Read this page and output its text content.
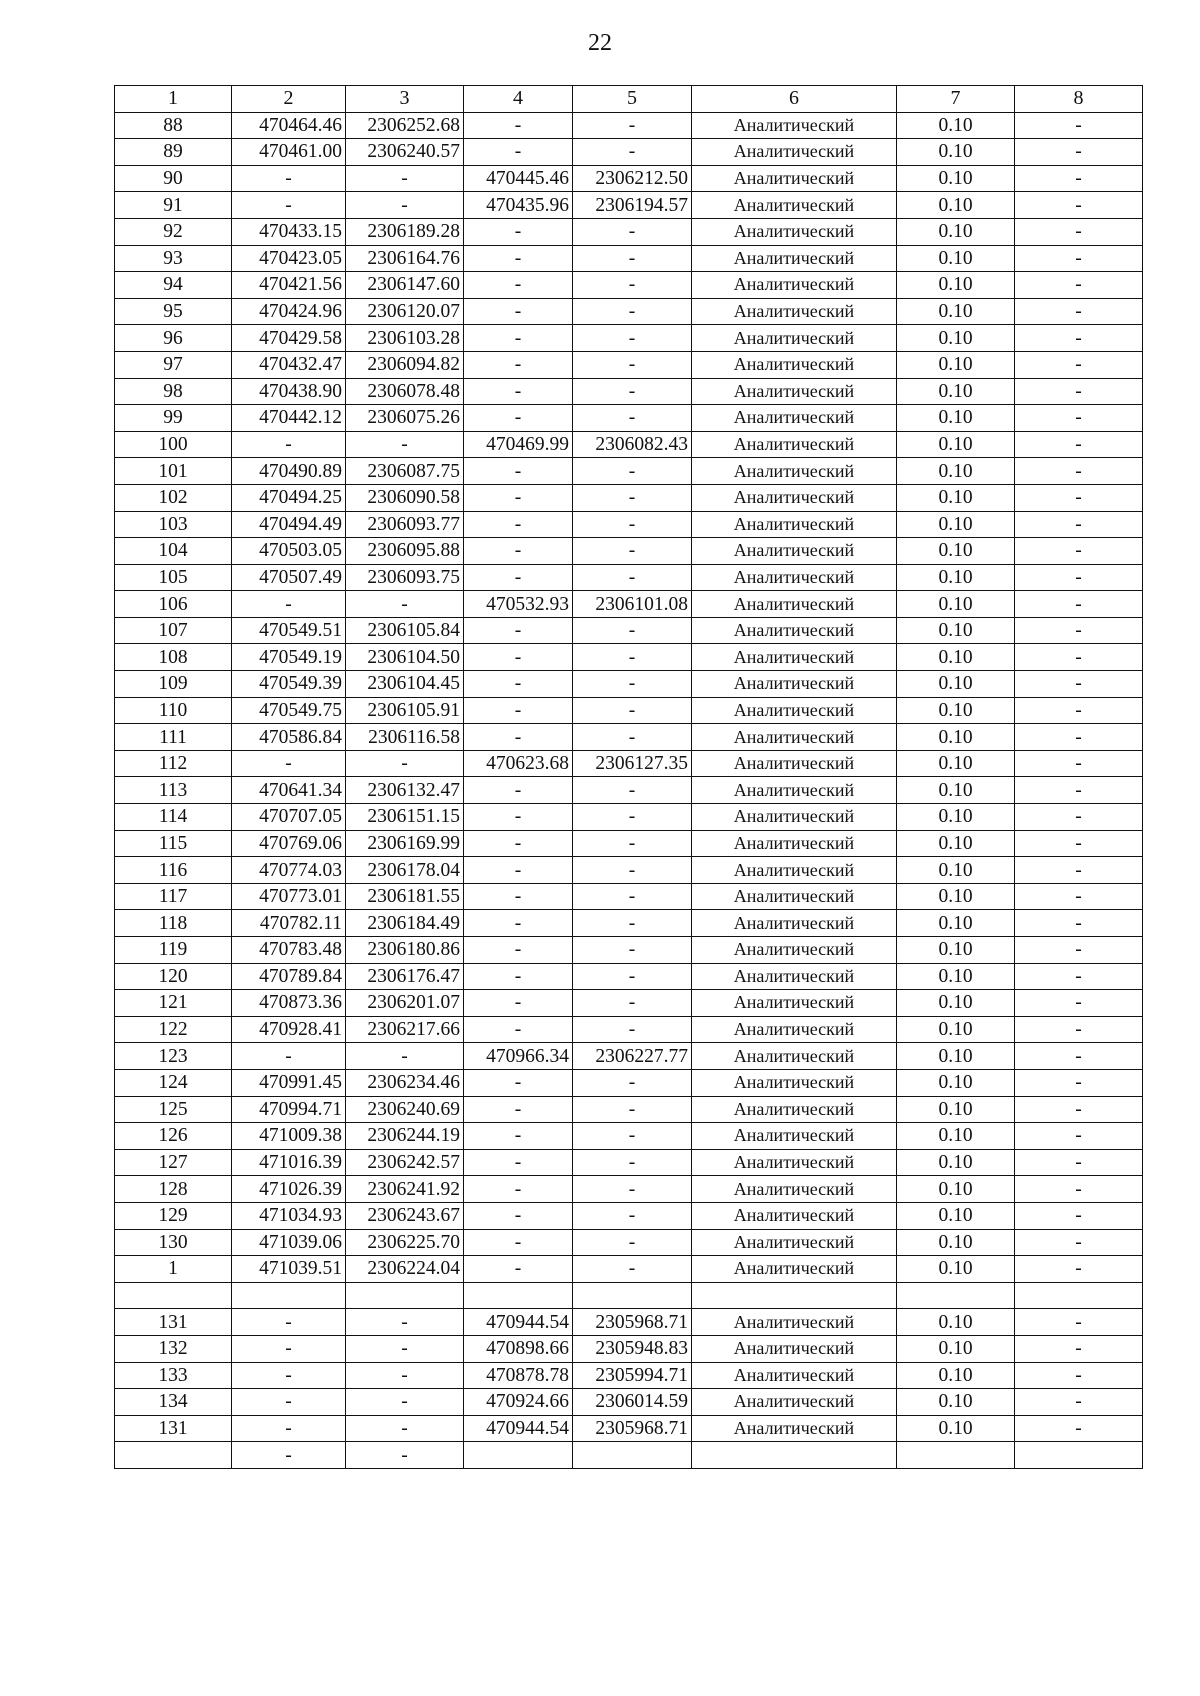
22
1	2	3	4	5	6	7	8
88	470464.46	2306252.68	-	-	Аналитический	0.10	-
89	470461.00	2306240.57	-	-	Аналитический	0.10	-
90	-	-	470445.46	2306212.50	Аналитический	0.10	-
91	-	-	470435.96	2306194.57	Аналитический	0.10	-
92	470433.15	2306189.28	-	-	Аналитический	0.10	-
93	470423.05	2306164.76	-	-	Аналитический	0.10	-
94	470421.56	2306147.60	-	-	Аналитический	0.10	-
95	470424.96	2306120.07	-	-	Аналитический	0.10	-
96	470429.58	2306103.28	-	-	Аналитический	0.10	-
97	470432.47	2306094.82	-	-	Аналитический	0.10	-
98	470438.90	2306078.48	-	-	Аналитический	0.10	-
99	470442.12	2306075.26	-	-	Аналитический	0.10	-
100	-	-	470469.99	2306082.43	Аналитический	0.10	-
101	470490.89	2306087.75	-	-	Аналитический	0.10	-
102	470494.25	2306090.58	-	-	Аналитический	0.10	-
103	470494.49	2306093.77	-	-	Аналитический	0.10	-
104	470503.05	2306095.88	-	-	Аналитический	0.10	-
105	470507.49	2306093.75	-	-	Аналитический	0.10	-
106	-	-	470532.93	2306101.08	Аналитический	0.10	-
107	470549.51	2306105.84	-	-	Аналитический	0.10	-
108	470549.19	2306104.50	-	-	Аналитический	0.10	-
109	470549.39	2306104.45	-	-	Аналитический	0.10	-
110	470549.75	2306105.91	-	-	Аналитический	0.10	-
111	470586.84	2306116.58	-	-	Аналитический	0.10	-
112	-	-	470623.68	2306127.35	Аналитический	0.10	-
113	470641.34	2306132.47	-	-	Аналитический	0.10	-
114	470707.05	2306151.15	-	-	Аналитический	0.10	-
115	470769.06	2306169.99	-	-	Аналитический	0.10	-
116	470774.03	2306178.04	-	-	Аналитический	0.10	-
117	470773.01	2306181.55	-	-	Аналитический	0.10	-
118	470782.11	2306184.49	-	-	Аналитический	0.10	-
119	470783.48	2306180.86	-	-	Аналитический	0.10	-
120	470789.84	2306176.47	-	-	Аналитический	0.10	-
121	470873.36	2306201.07	-	-	Аналитический	0.10	-
122	470928.41	2306217.66	-	-	Аналитический	0.10	-
123	-	-	470966.34	2306227.77	Аналитический	0.10	-
124	470991.45	2306234.46	-	-	Аналитический	0.10	-
125	470994.71	2306240.69	-	-	Аналитический	0.10	-
126	471009.38	2306244.19	-	-	Аналитический	0.10	-
127	471016.39	2306242.57	-	-	Аналитический	0.10	-
128	471026.39	2306241.92	-	-	Аналитический	0.10	-
129	471034.93	2306243.67	-	-	Аналитический	0.10	-
130	471039.06	2306225.70	-	-	Аналитический	0.10	-
1	471039.51	2306224.04	-	-	Аналитический	0.10	-

131	-	-	470944.54	2305968.71	Аналитический	0.10	-
132	-	-	470898.66	2305948.83	Аналитический	0.10	-
133	-	-	470878.78	2305994.71	Аналитический	0.10	-
134	-	-	470924.66	2306014.59	Аналитический	0.10	-
131	-	-	470944.54	2305968.71	Аналитический	0.10	-
	-	-					
